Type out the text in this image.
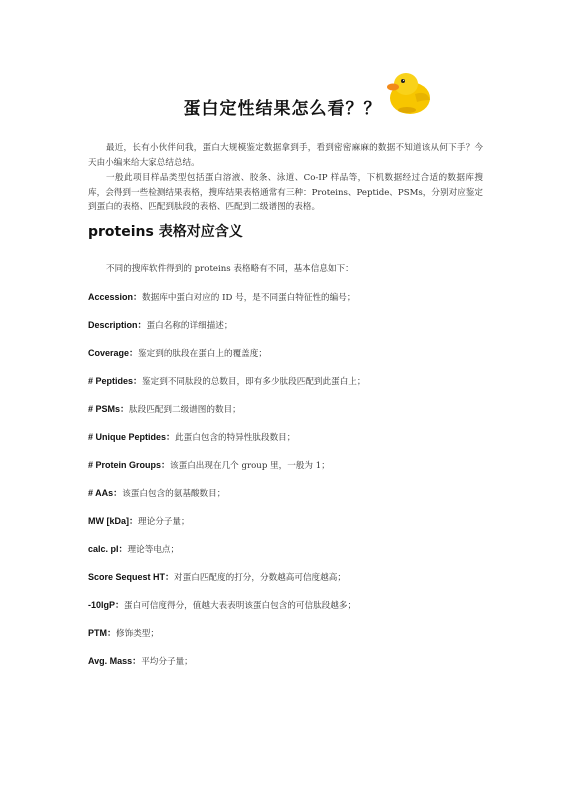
蛋白定性结果怎么看？？
最近，长有小伙伴问我，蛋白大规模鉴定数据拿到手，看到密密麻麻的数据不知道该从何下手？今天由小编来给大家总结总结。
一般此项目样品类型包括蛋白溶液、胶条、泳道、Co-IP 样品等，下机数据经过合适的数据库搜库，会得到一些检测结果表格，搜库结果表格通常有三种：Proteins、Peptide、PSMs，分别对应鉴定到蛋白的表格、匹配到肽段的表格、匹配到二级谱图的表格。
proteins 表格对应含义
不同的搜库软件得到的 proteins 表格略有不同，基本信息如下：
Accession：数据库中蛋白对应的 ID 号，是不同蛋白特征性的编号；
Description：蛋白名称的详细描述；
Coverage：鉴定到的肽段在蛋白上的覆盖度；
# Peptides：鉴定到不同肽段的总数目，即有多少肽段匹配到此蛋白上；
# PSMs：肽段匹配到二级谱图的数目；
# Unique Peptides：此蛋白包含的特异性肽段数目；
# Protein Groups：该蛋白出现在几个 group 里，一般为 1；
# AAs：该蛋白包含的氨基酸数目；
MW [kDa]：理论分子量；
calc. pI：理论等电点；
Score Sequest HT：对蛋白匹配度的打分，分数越高可信度越高；
-10lgP：蛋白可信度得分，值越大表表明该蛋白包含的可信肽段越多；
PTM：修饰类型；
Avg. Mass：平均分子量；
